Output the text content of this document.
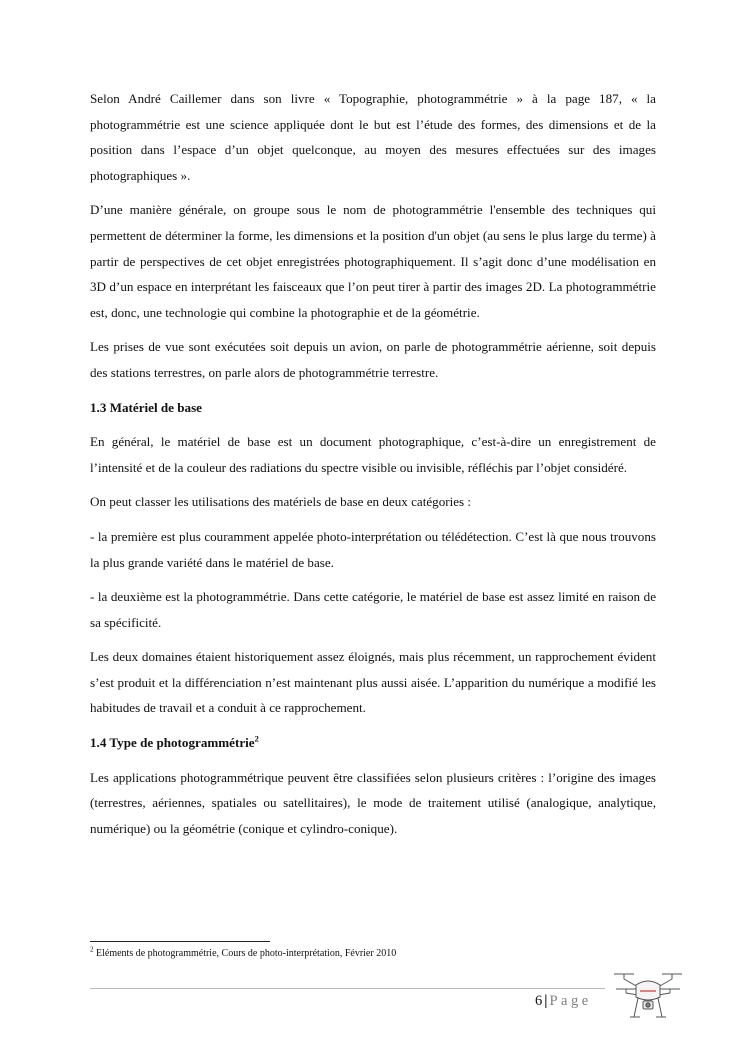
Selon André Caillemer dans son livre « Topographie, photogrammétrie » à la page 187, « la photogrammétrie est une science appliquée dont le but est l’étude des formes, des dimensions et de la position dans l’espace d’un objet quelconque, au moyen des mesures effectuées sur des images photographiques ».

D’une manière générale, on groupe sous le nom de photogrammétrie l'ensemble des techniques qui permettent de déterminer la forme, les dimensions et la position d'un objet (au sens le plus large du terme) à partir de perspectives de cet objet enregistrées photographiquement. Il s’agit donc d’une modélisation en 3D d’un espace en interprétant les faisceaux que l’on peut tirer à partir des images 2D. La photogrammétrie est, donc, une technologie qui combine la photographie et de la géométrie.

Les prises de vue sont exécutées soit depuis un avion, on parle de photogrammétrie aérienne, soit depuis des stations terrestres, on parle alors de photogrammétrie terrestre.

1.3 Matériel de base

En général, le matériel de base est un document photographique, c’est-à-dire un enregistrement de l’intensité et de la couleur des radiations du spectre visible ou invisible, réfléchis par l’objet considéré.

On peut classer les utilisations des matériels de base en deux catégories :

- la première est plus couramment appelée photo-interprétation ou télédétection. C’est là que nous trouvons la plus grande variété dans le matériel de base.

- la deuxième est la photogrammétrie. Dans cette catégorie, le matériel de base est assez limité en raison de sa spécificité.

Les deux domaines étaient historiquement assez éloignés, mais plus récemment, un rapprochement évident s’est produit et la différenciation n’est maintenant plus aussi aisée. L’apparition du numérique a modifié les habitudes de travail et a conduit à ce rapprochement.

1.4 Type de photogrammétrie$^2$

Les applications photogrammétrique peuvent être classifiées selon plusieurs critères : l’origine des images (terrestres, aériennes, spatiales ou satellitaires), le mode de traitement utilisé (analogique, analytique, numérique) ou la géométrie (conique et cylindro-conique).

$^2$ Eléments de photogrammétrie, Cours de photo-interprétation, Février 2010
6 | Page
